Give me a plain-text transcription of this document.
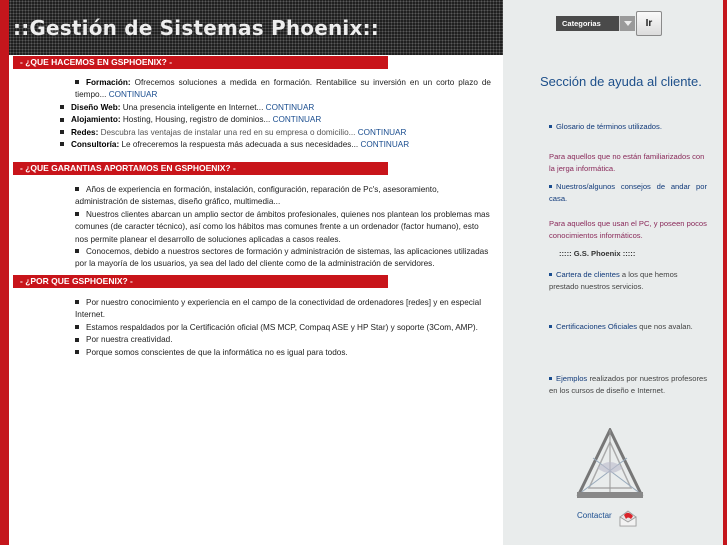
::Gestión de Sistemas Phoenix::
- ¿QUE HACEMOS EN GSPHOENIX? -

Formación: Ofrecemos soluciones a medida en formación. Rentabilice su inversión en un corto plazo de tiempo... CONTINUAR

Diseño Web: Una presencia inteligente en Internet... CONTINUAR

Alojamiento: Hosting, Housing, registro de dominios... CONTINUAR

Redes: Descubra las ventajas de instalar una red en su empresa o domicilio... CONTINUAR

Consultoría: Le ofreceremos la respuesta más adecuada a sus necesidades... CONTINUAR

- ¿QUE GARANTIAS APORTAMOS EN GSPHOENIX? -

Años de experiencia en formación, instalación, configuración, reparación de Pc's, asesoramiento, administración de sistemas, diseño gráfico, multimedia...

Nuestros clientes abarcan un amplio sector de ámbitos profesionales, quienes nos plantean los problemas mas comunes (de caracter técnico), así como los hábitos mas comunes frente a un ordenador (factor humano), esto nos permite planear el desarrollo de soluciones aplicadas a casos reales.

Conocemos, debido a nuestros sectores de formación y administración de sistemas, las aplicaciones utilizadas por la mayoría de los usuarios, ya sea del lado del cliente como de la administración de servidores.

- ¿POR QUE GSPHOENIX? -

Por nuestro conocimiento y experiencia en el campo de la conectividad de ordenadores [redes] y en especial Internet.

Estamos respaldados por la Certificación oficial (MS MCP, Compaq ASE y HP Star) y soporte (3Com, AMP).

Por nuestra creatividad.

Porque somos conscientes de que la informática no es igual para todos.

Categorias	Ir
Sección de ayuda al cliente.
Glosario de términos utilizados.
Para aquellos que no están familiarizados con la jerga informática.
Nuestros/algunos consejos de andar por casa.
Para aquellos que usan el PC, y poseen pocos conocimientos informáticos.
::::: G.S. Phoenix :::::
Cartera de clientes a los que hemos prestado nuestros servicios.
Certificaciones Oficiales que nos avalan.
Ejemplos realizados por nuestros profesores en los cursos de diseño e Internet.
Contactar
